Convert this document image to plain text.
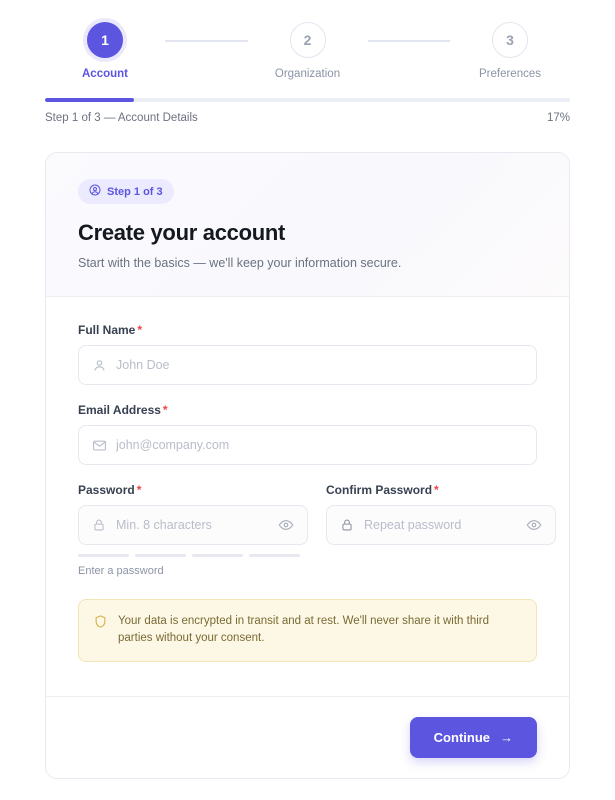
1
Account
2
Organization
3
Preferences
Step 1 of 3 — Account Details	17%
Step 1 of 3
Create your account
Start with the basics — we'll keep your information secure.
Full Name *
John Doe
Email Address *
john@company.com
Password *
Min. 8 characters
Enter a password
Confirm Password *
Repeat password
Your data is encrypted in transit and at rest. We'll never share it with third parties without your consent.
Continue →
